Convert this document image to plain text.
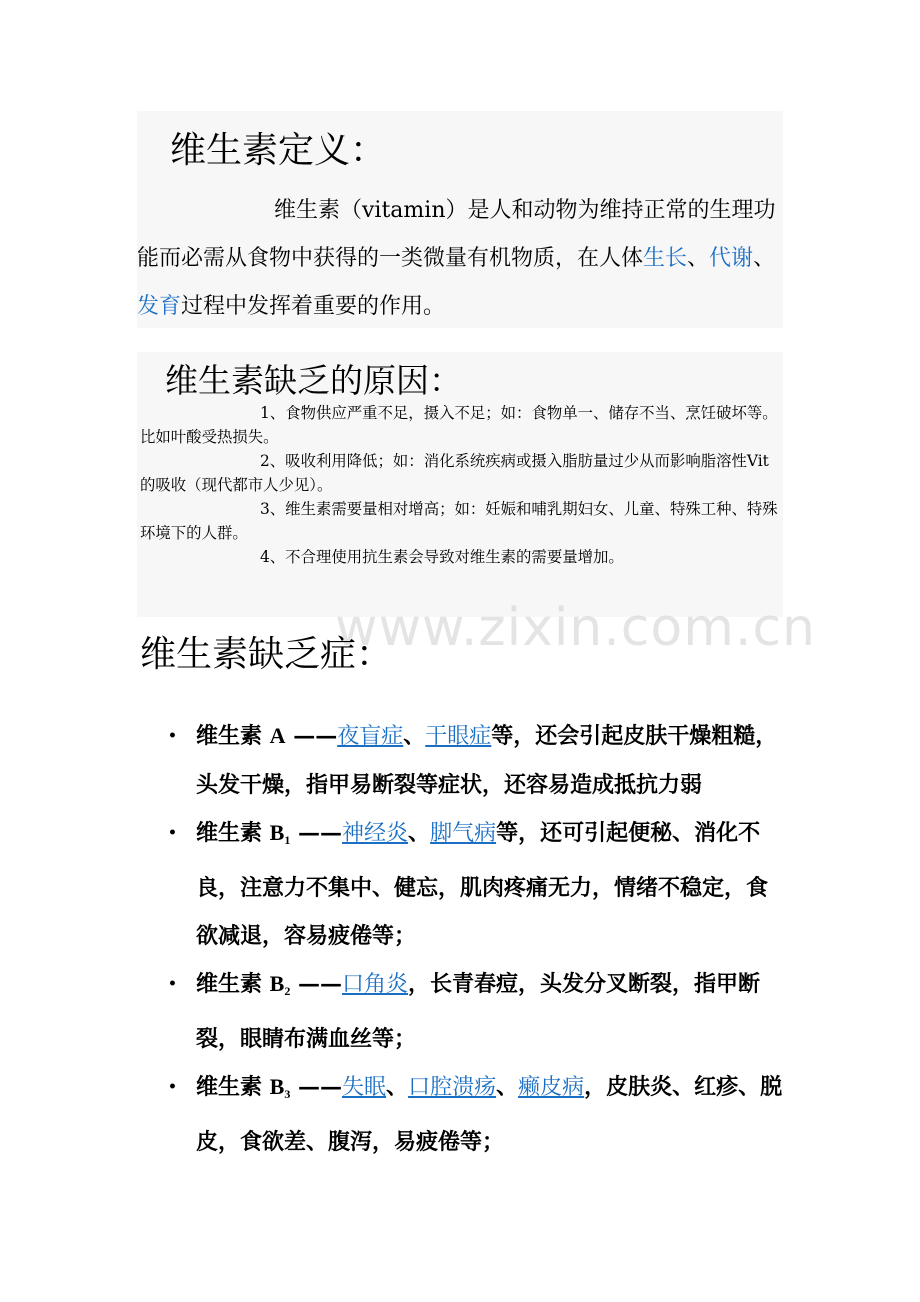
维生素定义：

维生素（vitamin）是人和动物为维持正常的生理功能而必需从食物中获得的一类微量有机物质，在人体生长、代谢、发育过程中发挥着重要的作用。

维生素缺乏的原因：

1、食物供应严重不足，摄入不足；如：食物单一、储存不当、烹饪破坏等。比如叶酸受热损失。

2、吸收利用降低；如：消化系统疾病或摄入脂肪量过少从而影响脂溶性Vit的吸收（现代都市人少见）。

3、维生素需要量相对增高；如：妊娠和哺乳期妇女、儿童、特殊工种、特殊环境下的人群。

4、不合理使用抗生素会导致对维生素的需要量增加。

www.zixin.com.cn
维生素缺乏症：
• 维生素 A ——夜盲症、干眼症等，还会引起皮肤干燥粗糙，头发干燥，指甲易断裂等症状，还容易造成抵抗力弱
• 维生素 $B_1$ ——神经炎、脚气病等，还可引起便秘、消化不良，注意力不集中、健忘，肌肉疼痛无力，情绪不稳定，食欲减退，容易疲倦等；
• 维生素 $B_2$ ——口角炎，长青春痘，头发分叉断裂，指甲断裂，眼睛布满血丝等；
• 维生素 $B_3$ ——失眠、口腔溃疡、癞皮病，皮肤炎、红疹、脱皮，食欲差、腹泻，易疲倦等；
